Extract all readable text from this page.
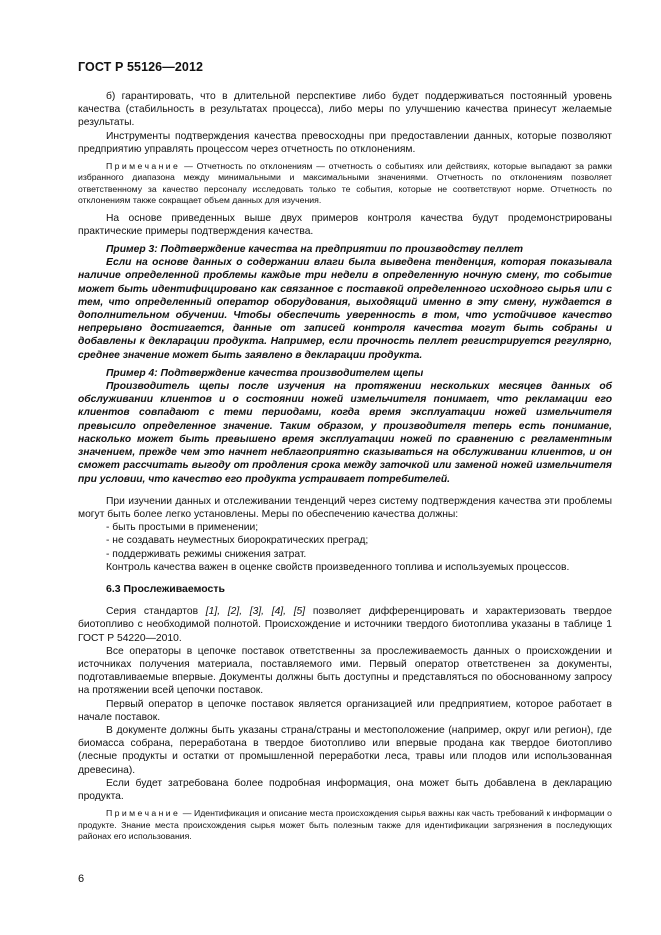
ГОСТ Р 55126—2012

б) гарантировать, что в длительной перспективе либо будет поддерживаться постоянный уровень качества (стабильность в результатах процесса), либо меры по улучшению качества принесут желаемые результаты.

Инструменты подтверждения качества превосходны при предоставлении данных, которые позволяют предприятию управлять процессом через отчетность по отклонениям.

Примечание — Отчетность по отклонениям — отчетность о событиях или действиях, которые выпадают за рамки избранного диапазона между минимальными и максимальными значениями. Отчетность по отклонениям позволяет ответственному за качество персоналу исследовать только те события, которые не соответствуют норме. Отчетность по отклонениям также сокращает объем данных для изучения.

На основе приведенных выше двух примеров контроля качества будут продемонстрированы практические примеры подтверждения качества.

Пример 3: Подтверждение качества на предприятии по производству пеллет

Если на основе данных о содержании влаги была выведена тенденция, которая показывала наличие определенной проблемы каждые три недели в определенную ночную смену, то событие может быть идентифицировано как связанное с поставкой определенного исходного сырья или с тем, что определенный оператор оборудования, выходящий именно в эту смену, нуждается в дополнительном обучении. Чтобы обеспечить уверенность в том, что устойчивое качество непрерывно достигается, данные от записей контроля качества могут быть собраны и добавлены к декларации продукта. Например, если прочность пеллет регистрируется регулярно, среднее значение может быть заявлено в декларации продукта.

Пример 4: Подтверждение качества производителем щепы

Производитель щепы после изучения на протяжении нескольких месяцев данных об обслуживании клиентов и о состоянии ножей измельчителя понимает, что рекламации его клиентов совпадают с теми периодами, когда время эксплуатации ножей измельчителя превысило определенное значение. Таким образом, у производителя теперь есть понимание, насколько может быть превышено время эксплуатации ножей по сравнению с регламентным значением, прежде чем это начнет неблагоприятно сказываться на обслуживании клиентов, и он сможет рассчитать выгоду от продления срока между заточкой или заменой ножей измельчителя при условии, что качество его продукта устраивает потребителей.

При изучении данных и отслеживании тенденций через систему подтверждения качества эти проблемы могут быть более легко установлены. Меры по обеспечению качества должны:

- быть простыми в применении;

- не создавать неуместных биорократических преград;

- поддерживать режимы снижения затрат.

Контроль качества важен в оценке свойств произведенного топлива и используемых процессов.

6.3 Прослеживаемость

Серия стандартов [1], [2], [3], [4], [5] позволяет дифференцировать и характеризовать твердое биотопливо с необходимой полнотой. Происхождение и источники твердого биотоплива указаны в таблице 1 ГОСТ Р 54220—2010.

Все операторы в цепочке поставок ответственны за прослеживаемость данных о происхождении и источниках получения материала, поставляемого ими. Первый оператор ответственен за документы, подготавливаемые впервые. Документы должны быть доступны и представляться по обоснованному запросу на протяжении всей цепочки поставок.

Первый оператор в цепочке поставок является организацией или предприятием, которое работает в начале поставок.

В документе должны быть указаны страна/страны и местоположение (например, округ или регион), где биомасса собрана, переработана в твердое биотопливо или впервые продана как твердое биотопливо (лесные продукты и остатки от промышленной переработки леса, травы или плодов или использованная древесина).

Если будет затребована более подробная информация, она может быть добавлена в декларацию продукта.

Примечание — Идентификация и описание места происхождения сырья важны как часть требований к информации о продукте. Знание места происхождения сырья может быть полезным также для идентификации загрязнения в последующих районах его использования.

6
